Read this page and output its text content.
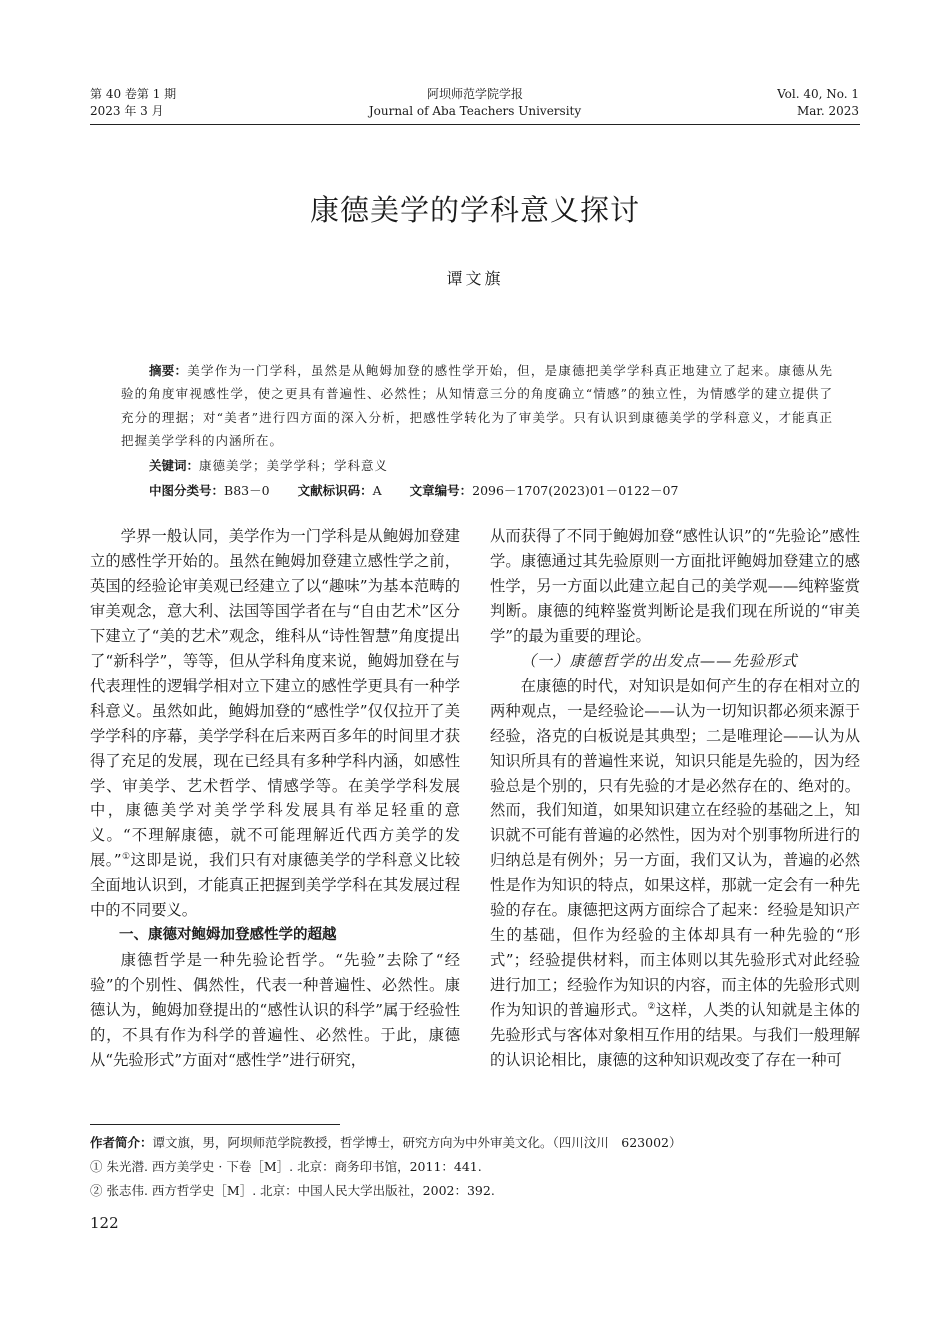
第 40 卷第 1 期
2023 年 3 月
阿坝师范学院学报
Journal of Aba Teachers University
Vol. 40, No. 1
Mar. 2023
康德美学的学科意义探讨
谭文旗
摘要：美学作为一门学科，虽然是从鲍姆加登的感性学开始，但，是康德把美学学科真正地建立了起来。康德从先验的角度审视感性学，使之更具有普遍性、必然性；从知情意三分的角度确立“情感”的独立性，为情感学的建立提供了充分的理据；对“美者”进行四方面的深入分析，把感性学转化为了审美学。只有认识到康德美学的学科意义，才能真正把握美学学科的内涵所在。
关键词：康德美学；美学学科；学科意义
中图分类号：B83－0 文献标识码：A 文章编号：2096－1707(2023)01－0122－07

学界一般认同，美学作为一门学科是从鲍姆加登建立的感性学开始的。虽然在鲍姆加登建立感性学之前，英国的经验论审美观已经建立了以“趣味”为基本范畴的审美观念，意大利、法国等国学者在与“自由艺术”区分下建立了“美的艺术”观念，维科从“诗性智慧”角度提出了“新科学”，等等，但从学科角度来说，鲍姆加登在与代表理性的逻辑学相对立下建立的感性学更具有一种学科意义。虽然如此，鲍姆加登的“感性学”仅仅拉开了美学学科的序幕，美学学科在后来两百多年的时间里才获得了充足的发展，现在已经具有多种学科内涵，如感性学、审美学、艺术哲学、情感学等。在美学学科发展中，康德美学对美学学科发展具有举足轻重的意义。“不理解康德，就不可能理解近代西方美学的发展。”①这即是说，我们只有对康德美学的学科意义比较全面地认识到，才能真正把握到美学学科在其发展过程中的不同要义。

一、康德对鲍姆加登感性学的超越

康德哲学是一种先验论哲学。“先验”去除了“经验”的个别性、偶然性，代表一种普遍性、必然性。康德认为，鲍姆加登提出的“感性认识的科学”属于经验性的，不具有作为科学的普遍性、必然性。于此，康德从“先验形式”方面对“感性学”进行研究，

从而获得了不同于鲍姆加登“感性认识”的“先验论”感性学。康德通过其先验原则一方面批评鲍姆加登建立的感性学，另一方面以此建立起自己的美学观——纯粹鉴赏判断。康德的纯粹鉴赏判断论是我们现在所说的“审美学”的最为重要的理论。

（一）康德哲学的出发点——先验形式

在康德的时代，对知识是如何产生的存在相对立的两种观点，一是经验论——认为一切知识都必须来源于经验，洛克的白板说是其典型；二是唯理论——认为从知识所具有的普遍性来说，知识只能是先验的，因为经验总是个别的，只有先验的才是必然存在的、绝对的。然而，我们知道，如果知识建立在经验的基础之上，知识就不可能有普遍的必然性，因为对个别事物所进行的归纳总是有例外；另一方面，我们又认为，普遍的必然性是作为知识的特点，如果这样，那就一定会有一种先验的存在。康德把这两方面综合了起来：经验是知识产生的基础，但作为经验的主体却具有一种先验的“形式”；经验提供材料，而主体则以其先验形式对此经验进行加工；经验作为知识的内容，而主体的先验形式则作为知识的普遍形式。②这样，人类的认知就是主体的先验形式与客体对象相互作用的结果。与我们一般理解的认识论相比，康德的这种知识观改变了存在一种可

作者简介：谭文旗，男，阿坝师范学院教授，哲学博士，研究方向为中外审美文化。（四川汶川　623002）
① 朱光潜. 西方美学史 · 下卷［M］. 北京：商务印书馆，2011：441.
② 张志伟. 西方哲学史［M］. 北京：中国人民大学出版社，2002：392.
122
